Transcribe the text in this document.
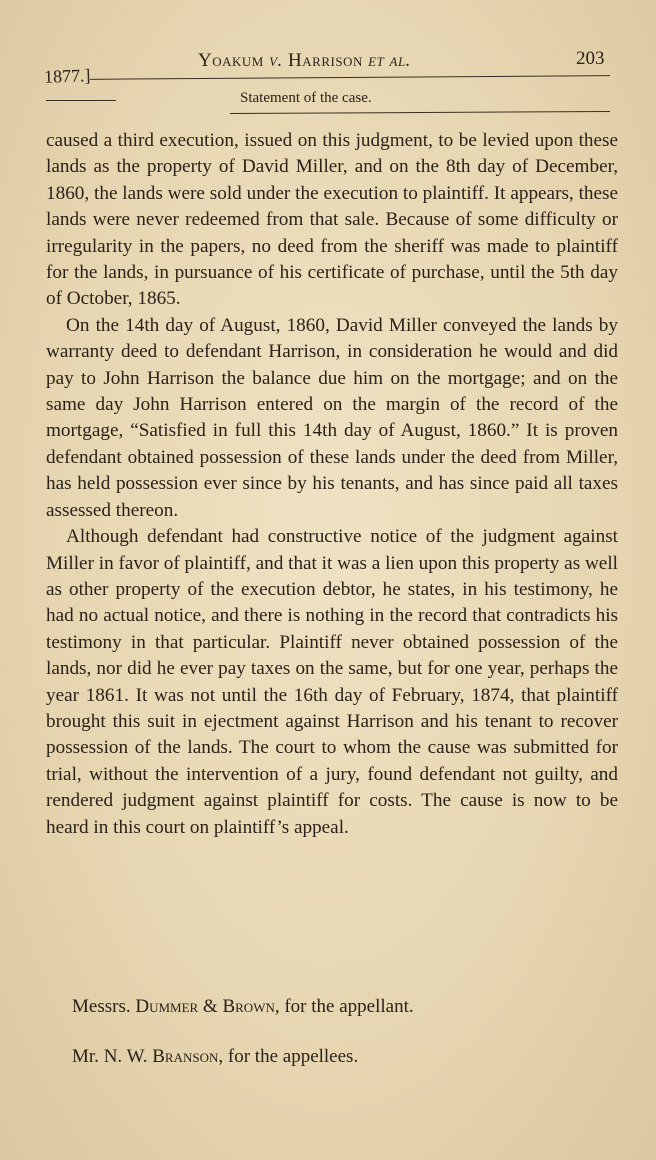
1877.]
Yoakum v. Harrison et al.	203
Statement of the case.

caused a third execution, issued on this judgment, to be levied upon these lands as the property of David Miller, and on the 8th day of December, 1860, the lands were sold under the execution to plaintiff. It appears, these lands were never redeemed from that sale. Because of some difficulty or irregularity in the papers, no deed from the sheriff was made to plaintiff for the lands, in pursuance of his certificate of purchase, until the 5th day of October, 1865.

On the 14th day of August, 1860, David Miller conveyed the lands by warranty deed to defendant Harrison, in consideration he would and did pay to John Harrison the balance due him on the mortgage; and on the same day John Harrison entered on the margin of the record of the mortgage, “Satisfied in full this 14th day of August, 1860.” It is proven defendant obtained possession of these lands under the deed from Miller, has held possession ever since by his tenants, and has since paid all taxes assessed thereon.

Although defendant had constructive notice of the judgment against Miller in favor of plaintiff, and that it was a lien upon this property as well as other property of the execution debtor, he states, in his testimony, he had no actual notice, and there is nothing in the record that contradicts his testimony in that particular. Plaintiff never obtained possession of the lands, nor did he ever pay taxes on the same, but for one year, perhaps the year 1861. It was not until the 16th day of February, 1874, that plaintiff brought this suit in ejectment against Harrison and his tenant to recover possession of the lands. The court to whom the cause was submitted for trial, without the intervention of a jury, found defendant not guilty, and rendered judgment against plaintiff for costs. The cause is now to be heard in this court on plaintiff’s appeal.

Messrs. Dummer & Brown, for the appellant.
Mr. N. W. Branson, for the appellees.
